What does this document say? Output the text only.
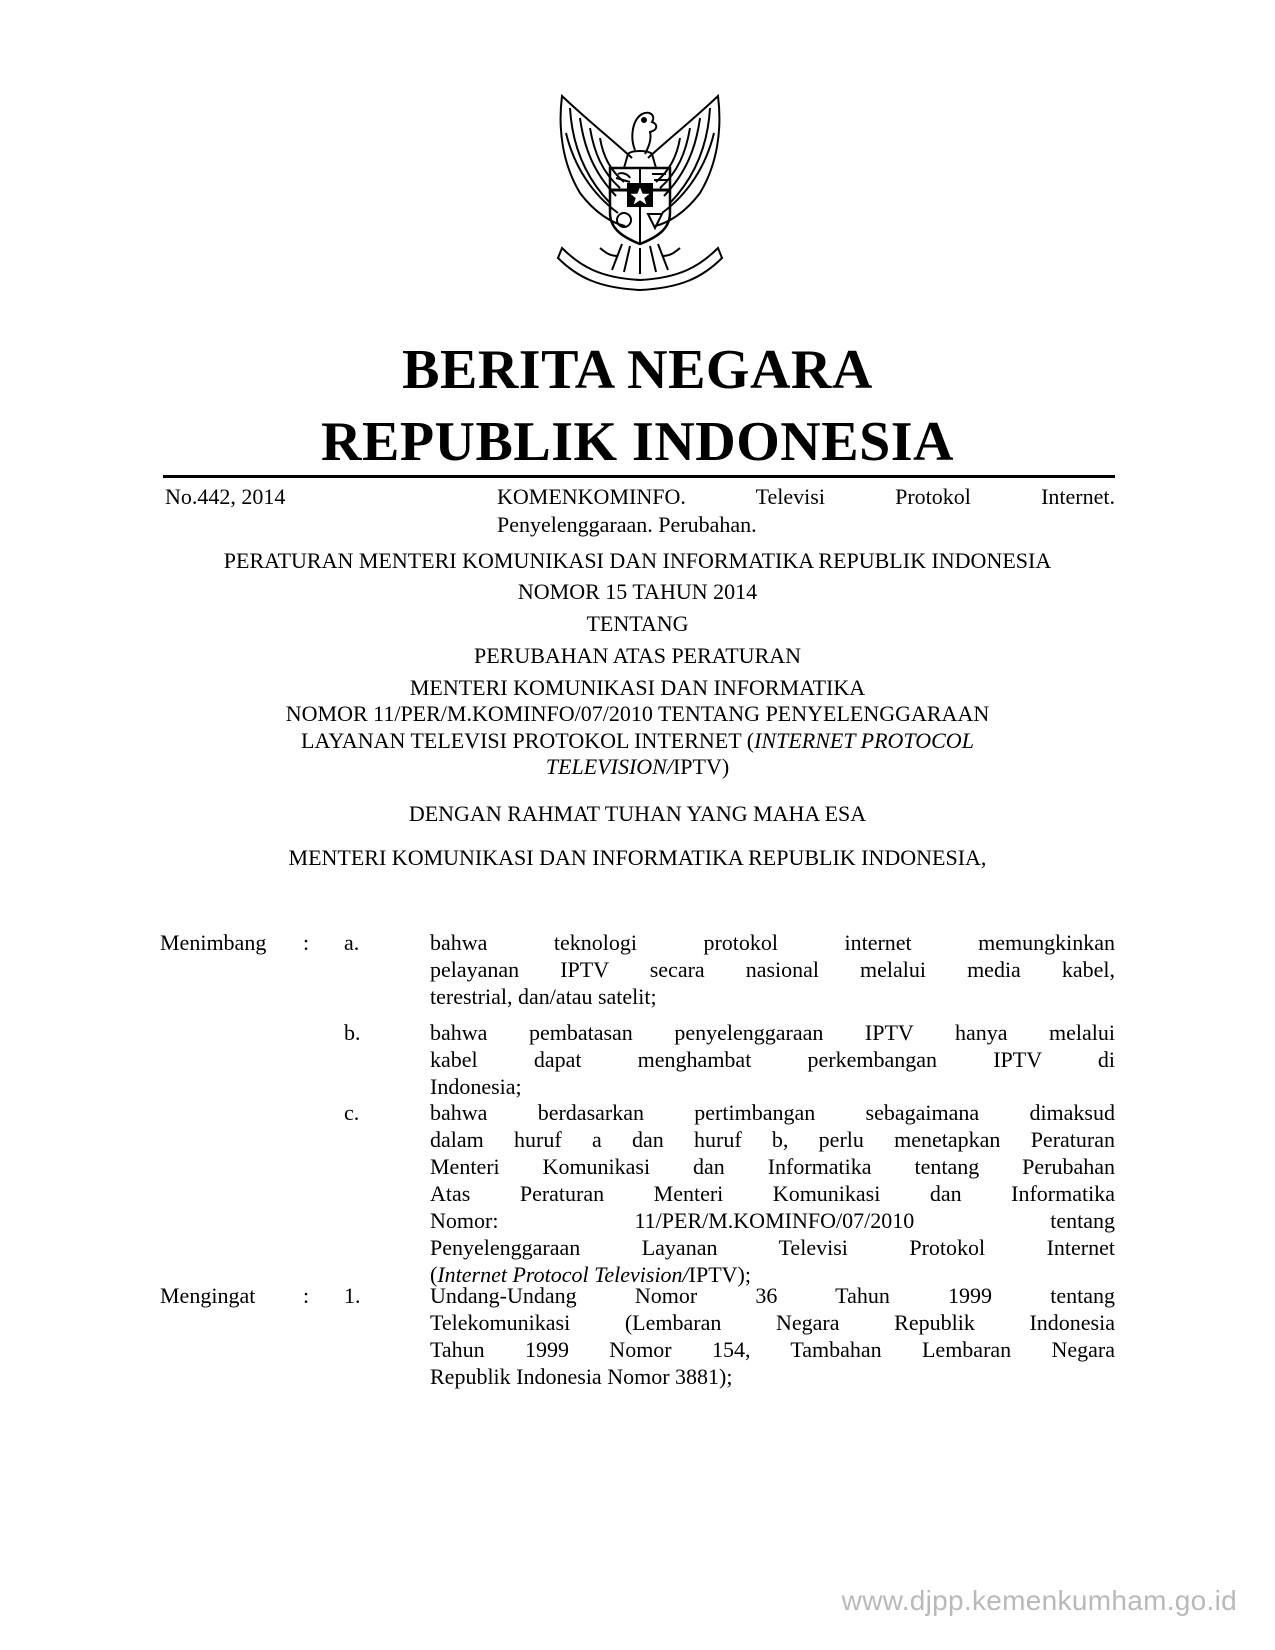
BERITA NEGARA
REPUBLIK INDONESIA
No.442, 2014	KOMENKOMINFO. Televisi Protokol Internet.
Penyelenggaraan. Perubahan.
PERATURAN MENTERI KOMUNIKASI DAN INFORMATIKA REPUBLIK INDONESIA
NOMOR 15 TAHUN 2014
TENTANG
PERUBAHAN ATAS PERATURAN
MENTERI KOMUNIKASI DAN INFORMATIKA
NOMOR 11/PER/M.KOMINFO/07/2010 TENTANG PENYELENGGARAAN
LAYANAN TELEVISI PROTOKOL INTERNET (INTERNET PROTOCOL
TELEVISION/IPTV)
DENGAN RAHMAT TUHAN YANG MAHA ESA
MENTERI KOMUNIKASI DAN INFORMATIKA REPUBLIK INDONESIA,
Menimbang : a.	bahwa teknologi protokol internet memungkinkan
pelayanan IPTV secara nasional melalui media kabel,
terestrial, dan/atau satelit;
b.	bahwa pembatasan penyelenggaraan IPTV hanya melalui
kabel dapat menghambat perkembangan IPTV di
Indonesia;
c.	bahwa berdasarkan pertimbangan sebagaimana dimaksud
dalam huruf a dan huruf b, perlu menetapkan Peraturan
Menteri Komunikasi dan Informatika tentang Perubahan
Atas Peraturan Menteri Komunikasi dan Informatika
Nomor: 11/PER/M.KOMINFO/07/2010 tentang
Penyelenggaraan Layanan Televisi Protokol Internet
(Internet Protocol Television/IPTV);
Mengingat : 1.	Undang-Undang Nomor 36 Tahun 1999 tentang
Telekomunikasi (Lembaran Negara Republik Indonesia
Tahun 1999 Nomor 154, Tambahan Lembaran Negara
Republik Indonesia Nomor 3881);
www.djpp.kemenkumham.go.id
